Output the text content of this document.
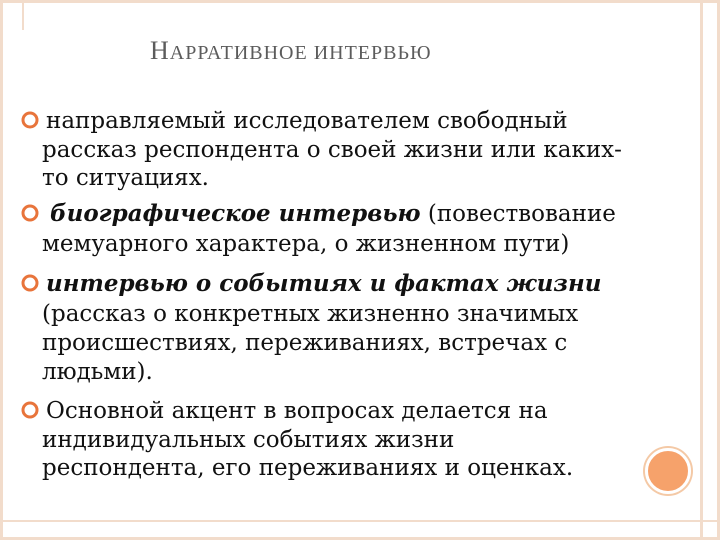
НАРРАТИВНОЕ ИНТЕРВЬЮ
направляемый исследователем свободный
рассказ респондента о своей жизни или каких-
то ситуациях.
биографическое интервью (повествование
мемуарного характера, о жизненном пути)
интервью о событиях и фактах жизни
(рассказ о конкретных жизненно значимых
происшествиях, переживаниях, встречах с
людьми).
Основной акцент в вопросах делается на
индивидуальных событиях жизни
респондента, его переживаниях и оценках.
